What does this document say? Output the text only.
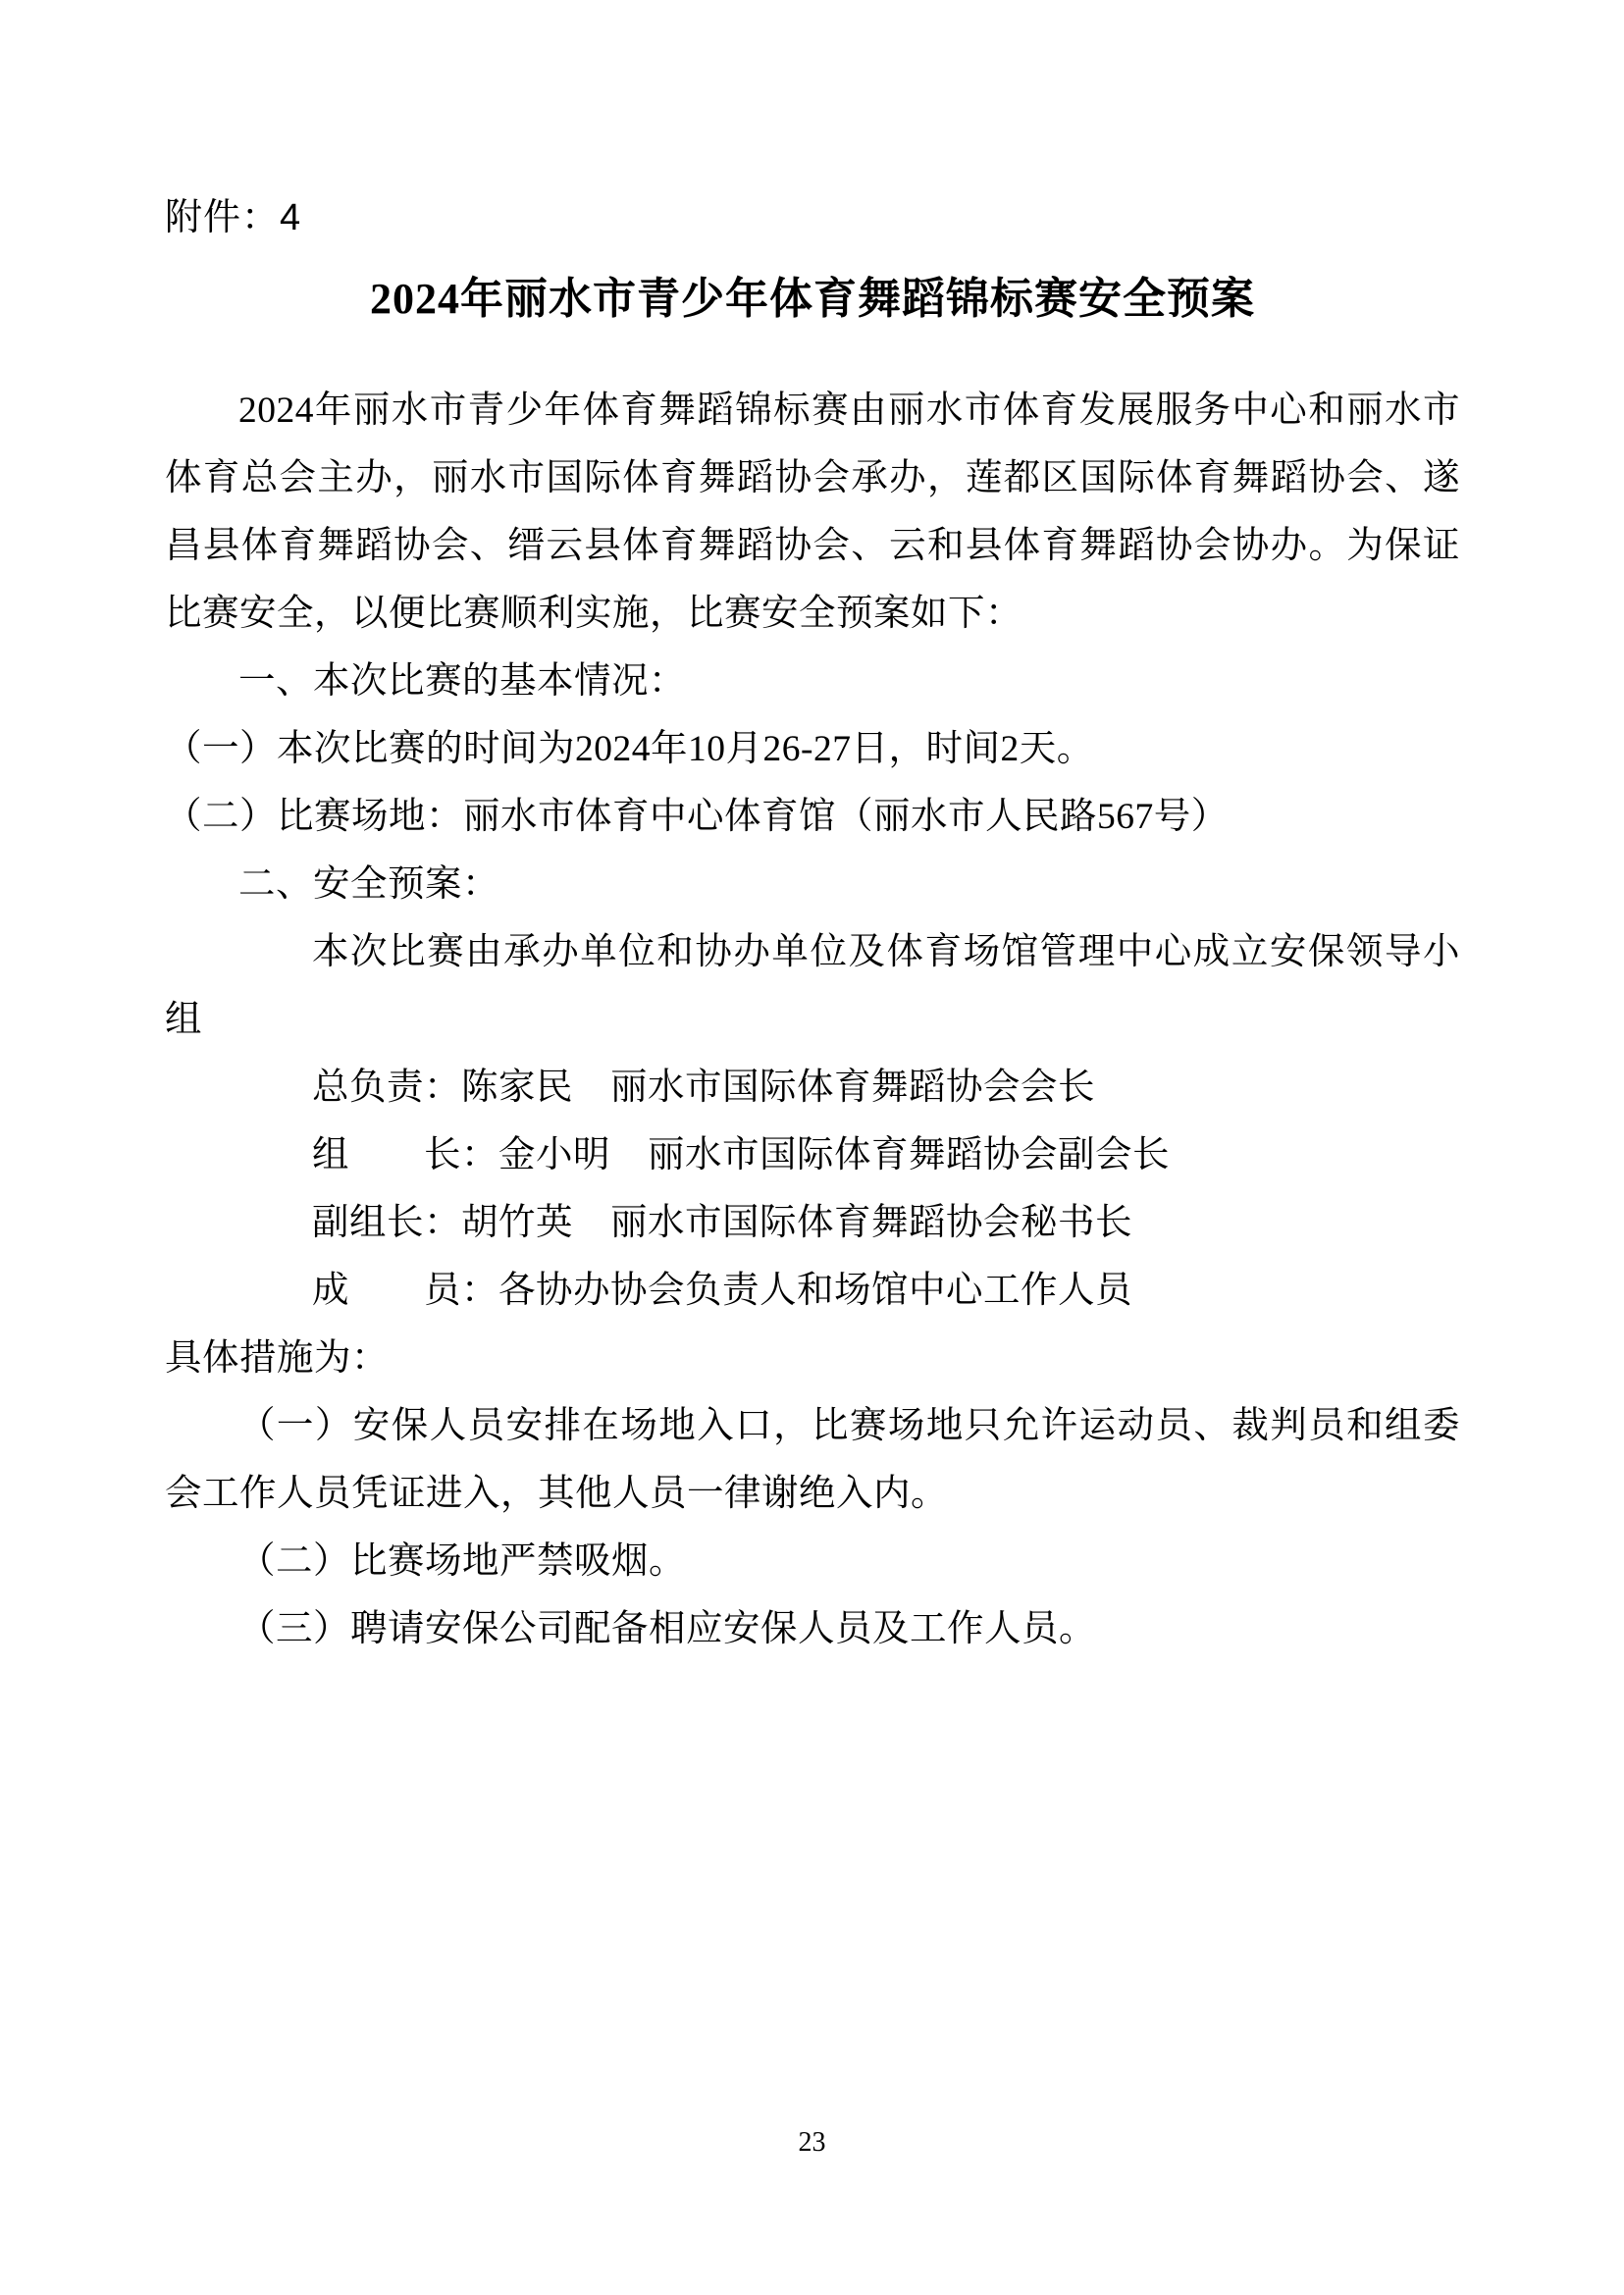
附件：4
2024年丽水市青少年体育舞蹈锦标赛安全预案

2024年丽水市青少年体育舞蹈锦标赛由丽水市体育发展服务中心和丽水市体育总会主办，丽水市国际体育舞蹈协会承办，莲都区国际体育舞蹈协会、遂昌县体育舞蹈协会、缙云县体育舞蹈协会、云和县体育舞蹈协会协办。为保证比赛安全，以便比赛顺利实施，比赛安全预案如下：

一、本次比赛的基本情况：

（一）本次比赛的时间为2024年10月26-27日，时间2天。

（二）比赛场地：丽水市体育中心体育馆（丽水市人民路567号）

二、安全预案：

本次比赛由承办单位和协办单位及体育场馆管理中心成立安保领导小组

总负责：陈家民　丽水市国际体育舞蹈协会会长

组　　长：金小明　丽水市国际体育舞蹈协会副会长

副组长：胡竹英　丽水市国际体育舞蹈协会秘书长

成　　员：各协办协会负责人和场馆中心工作人员

具体措施为：

（一）安保人员安排在场地入口，比赛场地只允许运动员、裁判员和组委会工作人员凭证进入，其他人员一律谢绝入内。

（二）比赛场地严禁吸烟。

（三）聘请安保公司配备相应安保人员及工作人员。

23
